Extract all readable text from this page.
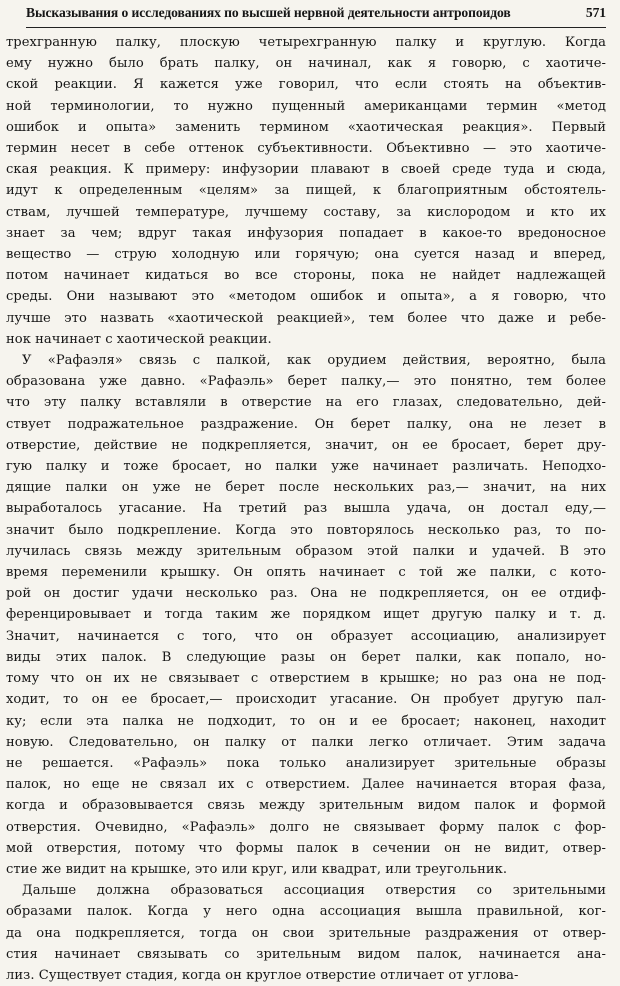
Высказывания о исследованиях по высшей нервной деятельности антропоидов	571
трехгранную палку, плоскую четырехгранную палку и круглую. Когда
ему нужно было брать палку, он начинал, как я говорю, с хаотиче-
ской реакции. Я кажется уже говорил, что если стоять на объектив-
ной терминологии, то нужно пущенный американцами термин «метод
ошибок и опыта» заменить термином «хаотическая реакция». Первый
термин несет в себе оттенок субъективности. Объективно — это хаотиче-
ская реакция. К примеру: инфузории плавают в своей среде туда и сюда,
идут к определенным «целям» за пищей, к благоприятным обстоятель-
ствам, лучшей температуре, лучшему составу, за кислородом и кто их
знает за чем; вдруг такая инфузория попадает в какое-то вредоносное
вещество — струю холодную или горячую; она суется назад и вперед,
потом начинает кидаться во все стороны, пока не найдет надлежащей
среды. Они называют это «методом ошибок и опыта», а я говорю, что
лучше это назвать «хаотической реакцией», тем более что даже и ребе-
нок начинает с хаотической реакции.
У «Рафаэля» связь с палкой, как орудием действия, вероятно, была
образована уже давно. «Рафаэль» берет палку,— это понятно, тем более
что эту палку вставляли в отверстие на его глазах, следовательно, дей-
ствует подражательное раздражение. Он берет палку, она не лезет в
отверстие, действие не подкрепляется, значит, он ее бросает, берет дру-
гую палку и тоже бросает, но палки уже начинает различать. Неподхо-
дящие палки он уже не берет после нескольких раз,— значит, на них
выработалось угасание. На третий раз вышла удача, он достал еду,—
значит было подкрепление. Когда это повторялось несколько раз, то по-
лучилась связь между зрительным образом этой палки и удачей. В это
время переменили крышку. Он опять начинает с той же палки, с кото-
рой он достиг удачи несколько раз. Она не подкрепляется, он ее отдиф-
ференцировывает и тогда таким же порядком ищет другую палку и т. д.
Значит, начинается с того, что он образует ассоциацию, анализирует
виды этих палок. В следующие разы он берет палки, как попало, но-
тому что он их не связывает с отверстием в крышке; но раз она не под-
ходит, то он ее бросает,— происходит угасание. Он пробует другую пал-
ку; если эта палка не подходит, то он и ее бросает; наконец, находит
новую. Следовательно, он палку от палки легко отличает. Этим задача
не решается. «Рафаэль» пока только анализирует зрительные образы
палок, но еще не связал их с отверстием. Далее начинается вторая фаза,
когда и образовывается связь между зрительным видом палок и формой
отверстия. Очевидно, «Рафаэль» долго не связывает форму палок с фор-
мой отверстия, потому что формы палок в сечении он не видит, отвер-
стие же видит на крышке, это или круг, или квадрат, или треугольник.
Дальше должна образоваться ассоциация отверстия со зрительными
образами палок. Когда у него одна ассоциация вышла правильной, ког-
да она подкрепляется, тогда он свои зрительные раздражения от отвер-
стия начинает связывать со зрительным видом палок, начинается ана-
лиз. Существует стадия, когда он круглое отверстие отличает от углова-
